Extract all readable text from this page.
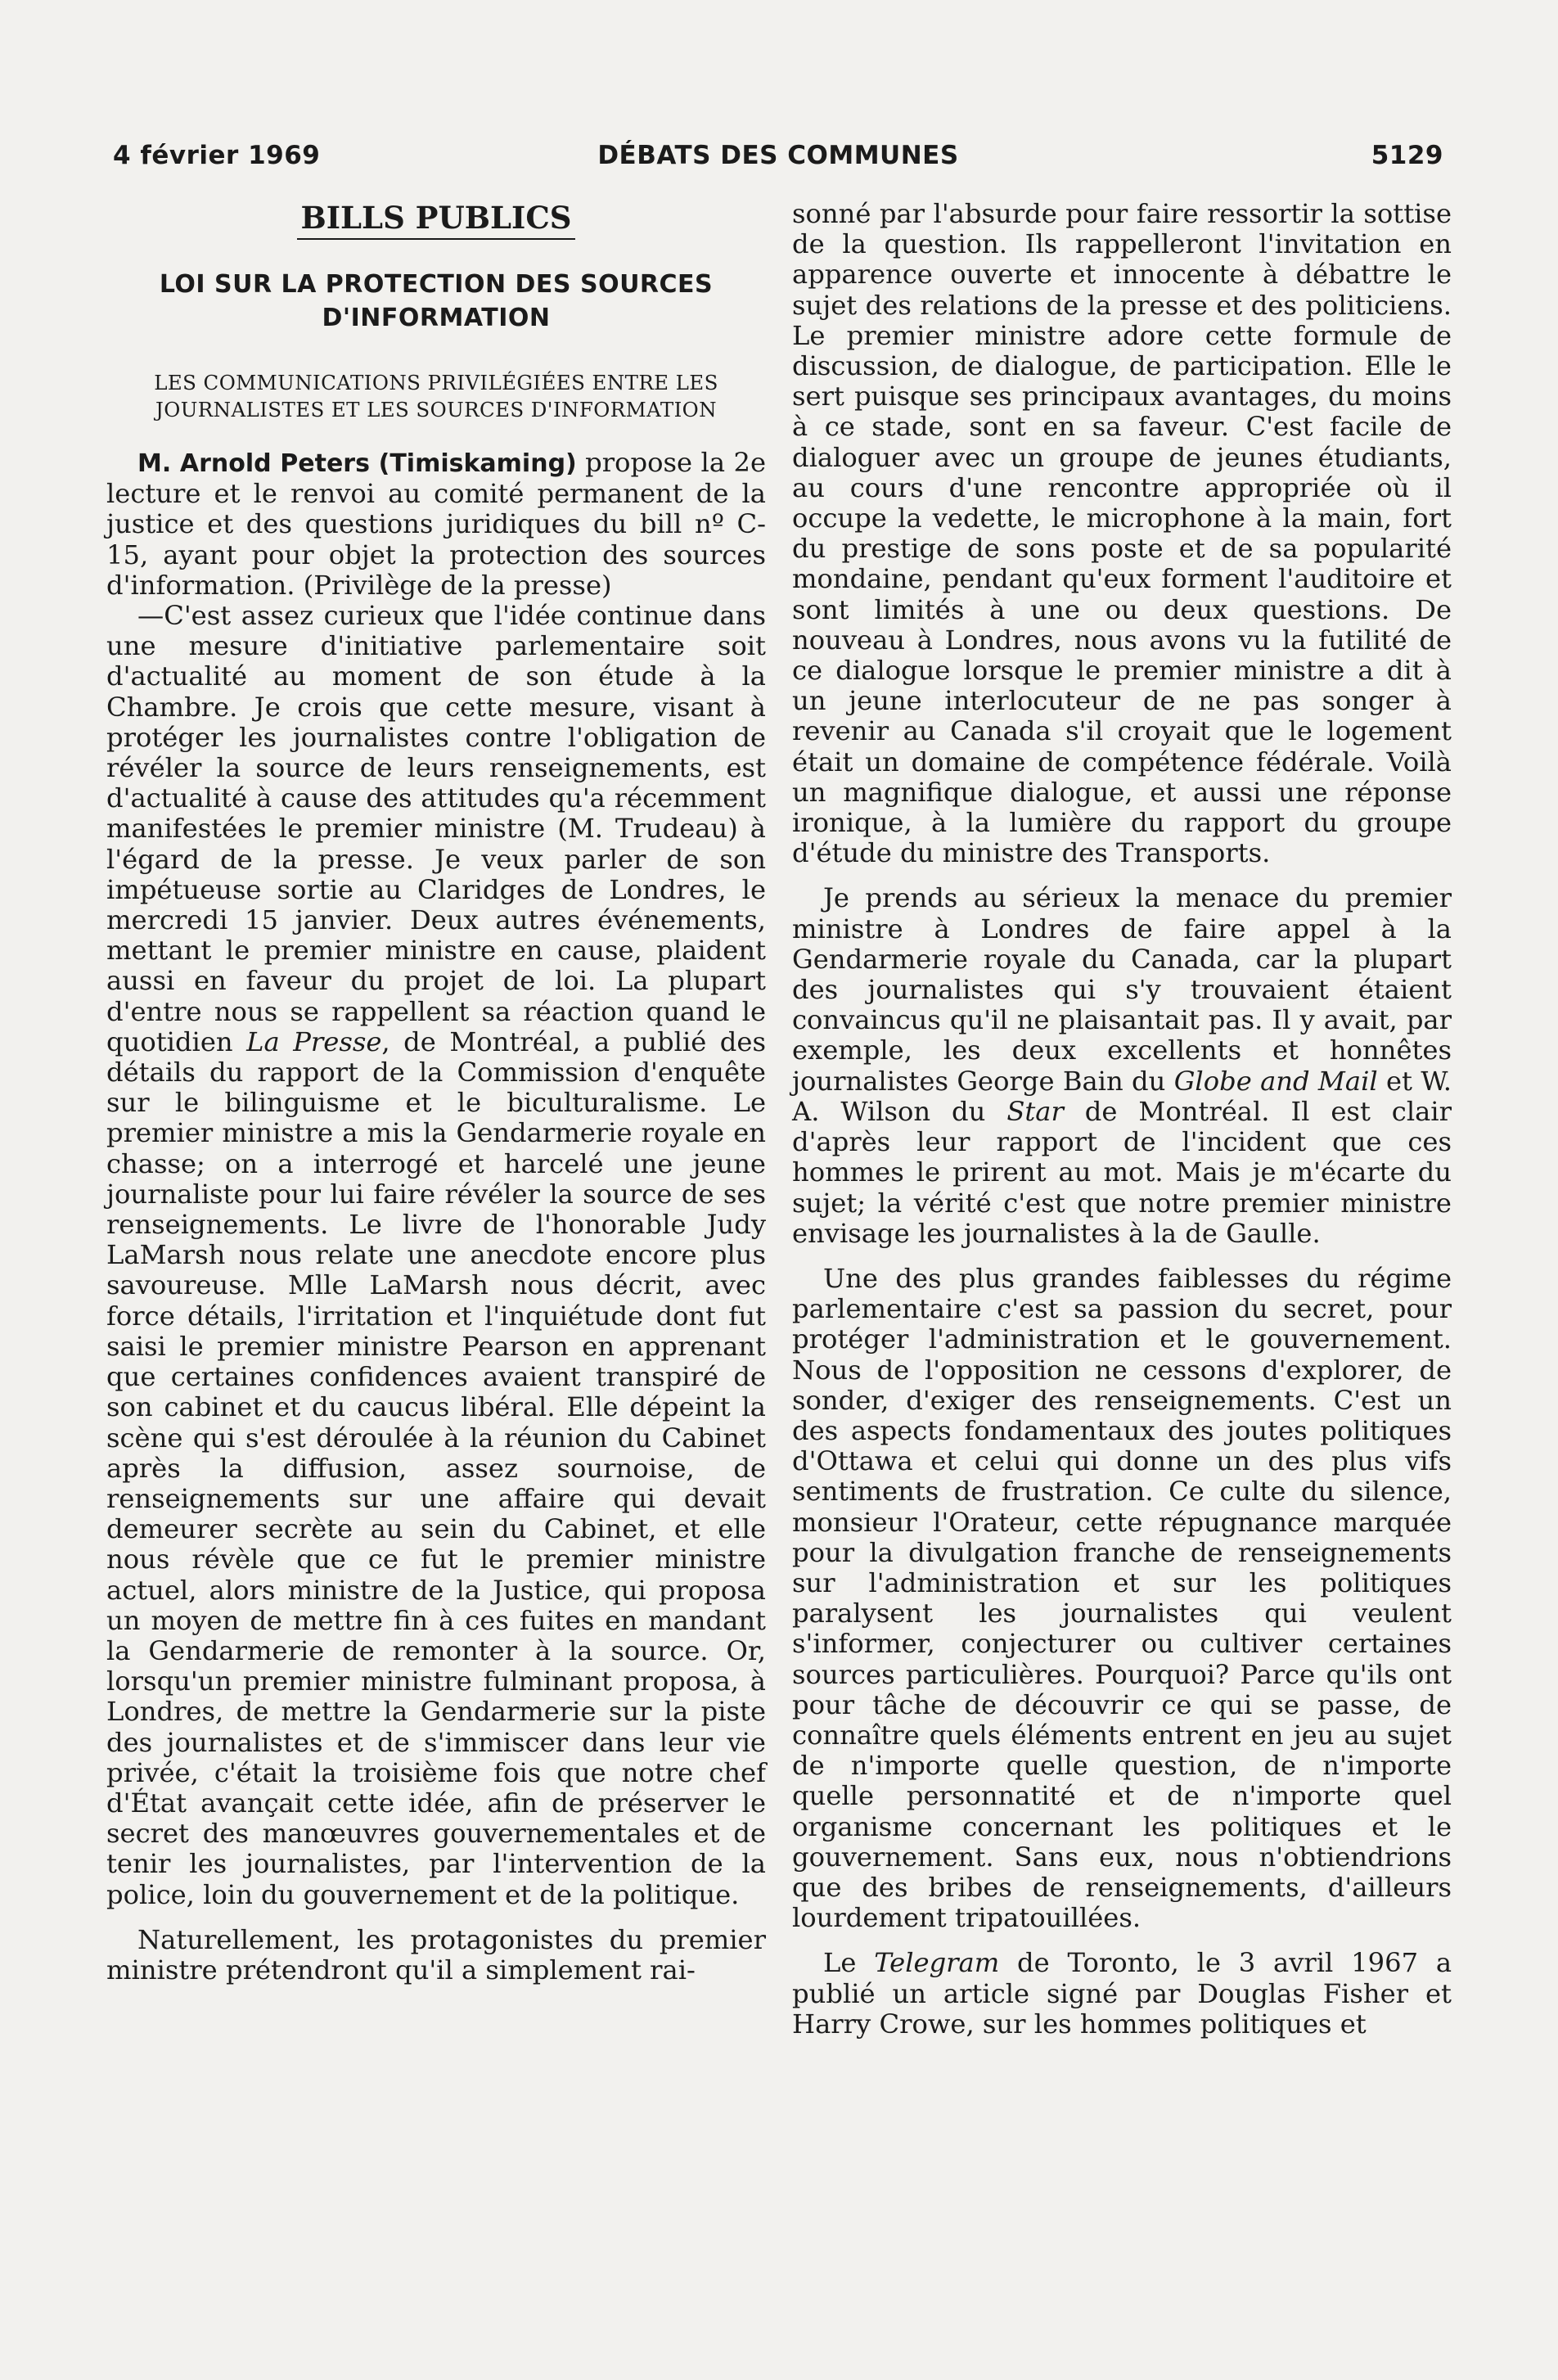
4 février 1969	DÉBATS DES COMMUNES	5129
BILLS PUBLICS
LOI SUR LA PROTECTION DES SOURCES D'INFORMATION
LES COMMUNICATIONS PRIVILÉGIÉES ENTRE LES JOURNALISTES ET LES SOURCES D'INFORMATION

M. Arnold Peters (Timiskaming) propose la 2e lecture et le renvoi au comité permanent de la justice et des questions juridiques du bill nº C-15, ayant pour objet la protection des sources d'information. (Privilège de la presse)

—C'est assez curieux que l'idée continue dans une mesure d'initiative parlementaire soit d'actualité au moment de son étude à la Chambre. Je crois que cette mesure, visant à protéger les journalistes contre l'obligation de révéler la source de leurs renseignements, est d'actualité à cause des attitudes qu'a récemment manifestées le premier ministre (M. Trudeau) à l'égard de la presse. Je veux parler de son impétueuse sortie au Claridges de Londres, le mercredi 15 janvier. Deux autres événements, mettant le premier ministre en cause, plaident aussi en faveur du projet de loi. La plupart d'entre nous se rappellent sa réaction quand le quotidien La Presse, de Montréal, a publié des détails du rapport de la Commission d'enquête sur le bilinguisme et le biculturalisme. Le premier ministre a mis la Gendarmerie royale en chasse; on a interrogé et harcelé une jeune journaliste pour lui faire révéler la source de ses renseignements. Le livre de l'honorable Judy LaMarsh nous relate une anecdote encore plus savoureuse. Mlle LaMarsh nous décrit, avec force détails, l'irritation et l'inquiétude dont fut saisi le premier ministre Pearson en apprenant que certaines confidences avaient transpiré de son cabinet et du caucus libéral. Elle dépeint la scène qui s'est déroulée à la réunion du Cabinet après la diffusion, assez sournoise, de renseignements sur une affaire qui devait demeurer secrète au sein du Cabinet, et elle nous révèle que ce fut le premier ministre actuel, alors ministre de la Justice, qui proposa un moyen de mettre fin à ces fuites en mandant la Gendarmerie de remonter à la source. Or, lorsqu'un premier ministre fulminant proposa, à Londres, de mettre la Gendarmerie sur la piste des journalistes et de s'immiscer dans leur vie privée, c'était la troisième fois que notre chef d'État avançait cette idée, afin de préserver le secret des manœuvres gouvernementales et de tenir les journalistes, par l'intervention de la police, loin du gouvernement et de la politique.

Naturellement, les protagonistes du premier ministre prétendront qu'il a simplement rai-

sonné par l'absurde pour faire ressortir la sottise de la question. Ils rappelleront l'invitation en apparence ouverte et innocente à débattre le sujet des relations de la presse et des politiciens. Le premier ministre adore cette formule de discussion, de dialogue, de participation. Elle le sert puisque ses principaux avantages, du moins à ce stade, sont en sa faveur. C'est facile de dialoguer avec un groupe de jeunes étudiants, au cours d'une rencontre appropriée où il occupe la vedette, le microphone à la main, fort du prestige de sons poste et de sa popularité mondaine, pendant qu'eux forment l'auditoire et sont limités à une ou deux questions. De nouveau à Londres, nous avons vu la futilité de ce dialogue lorsque le premier ministre a dit à un jeune interlocuteur de ne pas songer à revenir au Canada s'il croyait que le logement était un domaine de compétence fédérale. Voilà un magnifique dialogue, et aussi une réponse ironique, à la lumière du rapport du groupe d'étude du ministre des Transports.

Je prends au sérieux la menace du premier ministre à Londres de faire appel à la Gendarmerie royale du Canada, car la plupart des journalistes qui s'y trouvaient étaient convaincus qu'il ne plaisantait pas. Il y avait, par exemple, les deux excellents et honnêtes journalistes George Bain du Globe and Mail et W. A. Wilson du Star de Montréal. Il est clair d'après leur rapport de l'incident que ces hommes le prirent au mot. Mais je m'écarte du sujet; la vérité c'est que notre premier ministre envisage les journalistes à la de Gaulle.

Une des plus grandes faiblesses du régime parlementaire c'est sa passion du secret, pour protéger l'administration et le gouvernement. Nous de l'opposition ne cessons d'explorer, de sonder, d'exiger des renseignements. C'est un des aspects fondamentaux des joutes politiques d'Ottawa et celui qui donne un des plus vifs sentiments de frustration. Ce culte du silence, monsieur l'Orateur, cette répugnance marquée pour la divulgation franche de renseignements sur l'administration et sur les politiques paralysent les journalistes qui veulent s'informer, conjecturer ou cultiver certaines sources particulières. Pourquoi? Parce qu'ils ont pour tâche de découvrir ce qui se passe, de connaître quels éléments entrent en jeu au sujet de n'importe quelle question, de n'importe quelle personnatité et de n'importe quel organisme concernant les politiques et le gouvernement. Sans eux, nous n'obtiendrions que des bribes de renseignements, d'ailleurs lourdement tripatouillées.

Le Telegram de Toronto, le 3 avril 1967 a publié un article signé par Douglas Fisher et Harry Crowe, sur les hommes politiques et
